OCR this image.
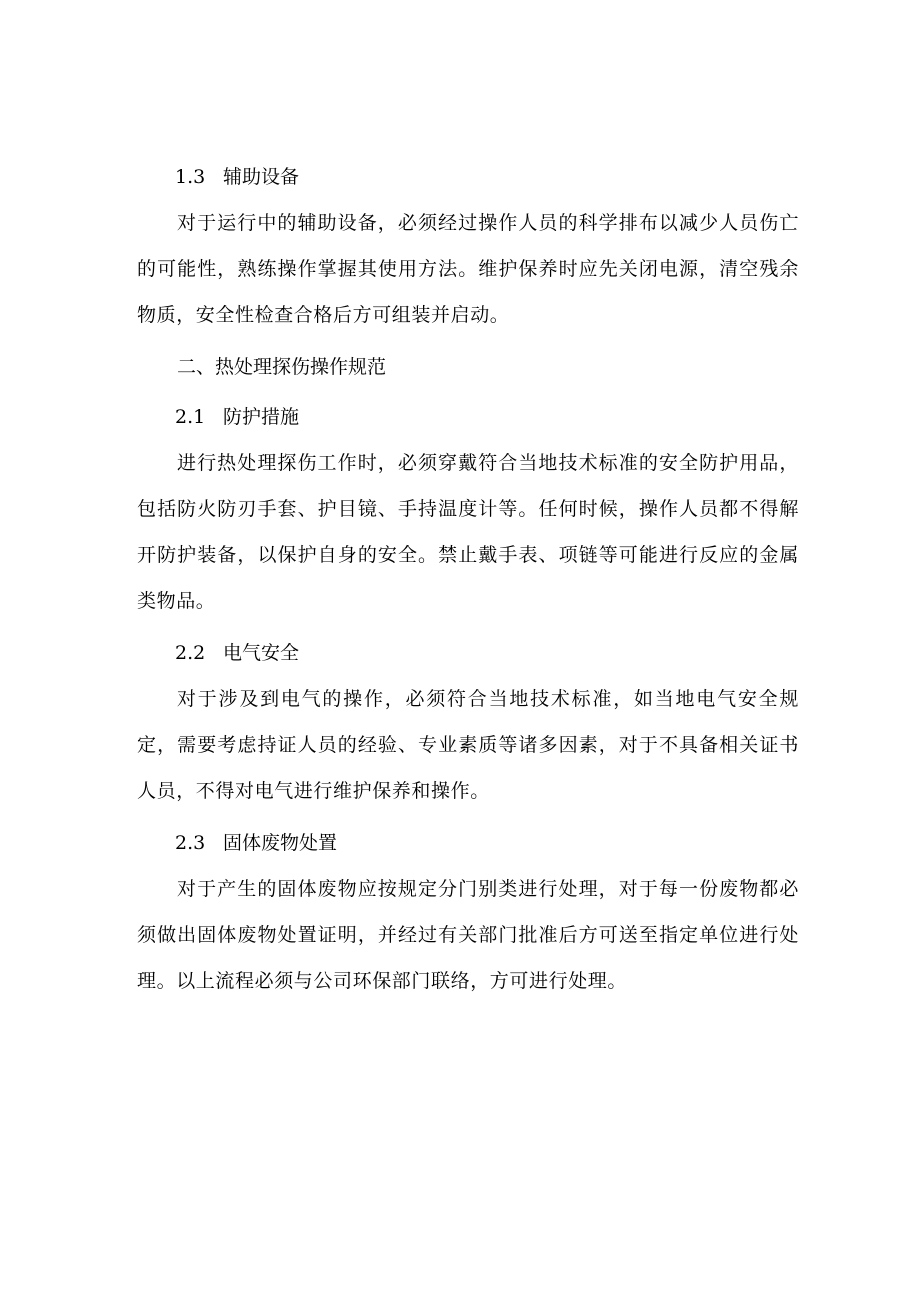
1.3 辅助设备

对于运行中的辅助设备，必须经过操作人员的科学排布以减少人员伤亡的可能性，熟练操作掌握其使用方法。维护保养时应先关闭电源，清空残余物质，安全性检查合格后方可组装并启动。

二、热处理探伤操作规范
2.1 防护措施

进行热处理探伤工作时，必须穿戴符合当地技术标准的安全防护用品，包括防火防刃手套、护目镜、手持温度计等。任何时候，操作人员都不得解开防护装备，以保护自身的安全。禁止戴手表、项链等可能进行反应的金属类物品。

2.2 电气安全

对于涉及到电气的操作，必须符合当地技术标准，如当地电气安全规定，需要考虑持证人员的经验、专业素质等诸多因素，对于不具备相关证书人员，不得对电气进行维护保养和操作。

2.3 固体废物处置

对于产生的固体废物应按规定分门别类进行处理，对于每一份废物都必须做出固体废物处置证明，并经过有关部门批准后方可送至指定单位进行处理。以上流程必须与公司环保部门联络，方可进行处理。
